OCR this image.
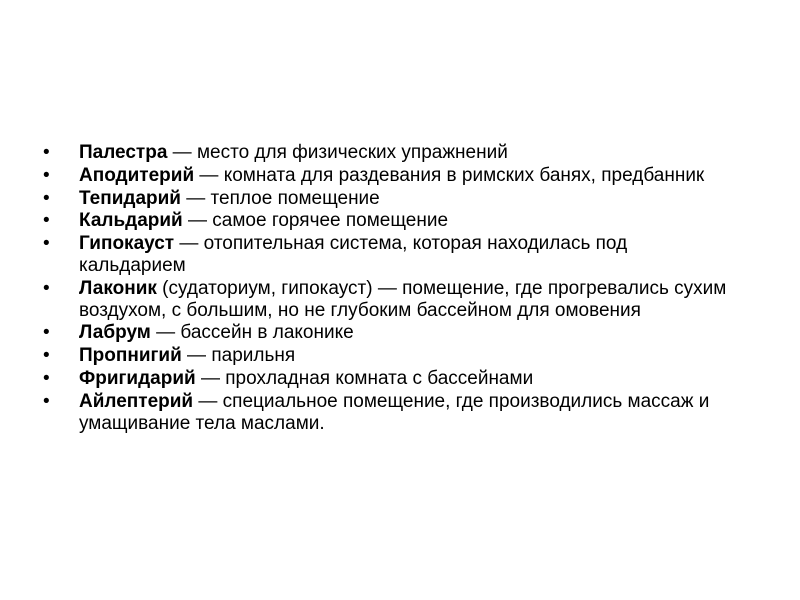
•	Палестра — место для физических упражнений
•	Аподитерий — комната для раздевания в римских банях, предбанник
•	Тепидарий — теплое помещение
•	Кальдарий — самое горячее помещение
•	Гипокауст — отопительная система, которая находилась под кальдарием
•	Лаконик (судаториум, гипокауст) — помещение, где прогревались сухим воздухом, с большим, но не глубоким бассейном для омовения
•	Лабрум — бассейн в лаконике
•	Пропнигий — парильня
•	Фригидарий — прохладная комната с бассейнами
•	Айлептерий — специальное помещение, где производились массаж и умащивание тела маслами.
